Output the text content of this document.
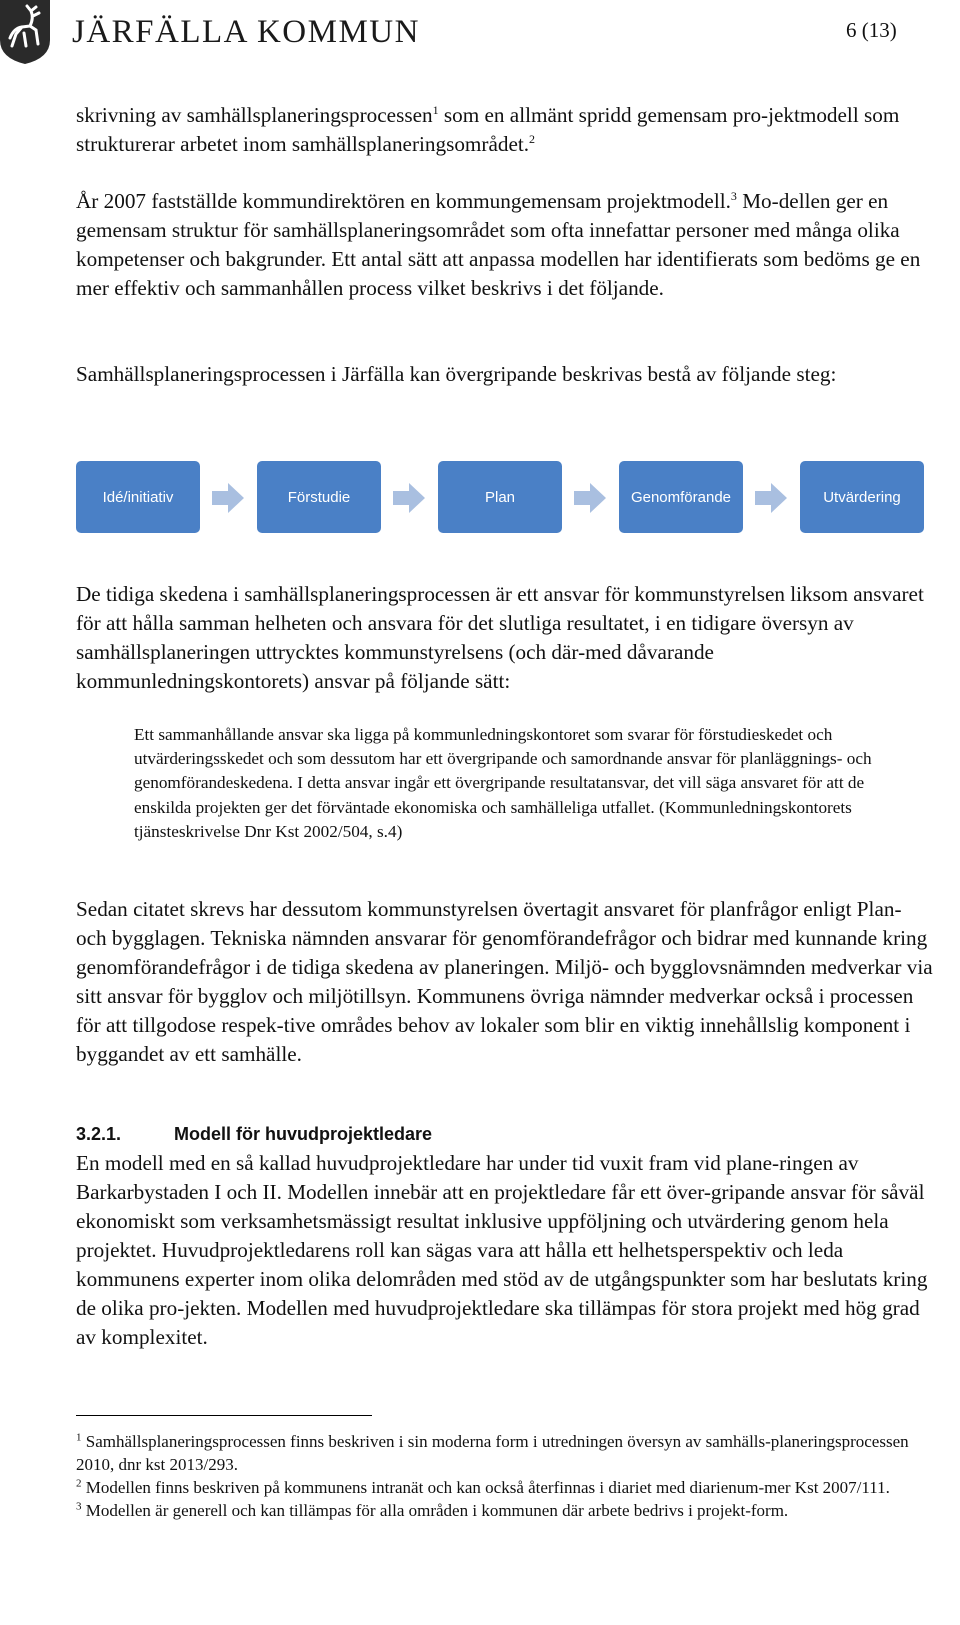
JÄRFÄLLA KOMMUN	6 (13)

skrivning av samhällsplaneringsprocessen$^1$ som en allmänt spridd gemensam pro-jektmodell som strukturerar arbetet inom samhällsplaneringsområdet.$^2$

År 2007 fastställde kommundirektören en kommungemensam projektmodell.$^3$ Mo-dellen ger en gemensam struktur för samhällsplaneringsområdet som ofta innefattar personer med många olika kompetenser och bakgrunder. Ett antal sätt att anpassa modellen har identifierats som bedöms ge en mer effektiv och sammanhållen process vilket beskrivs i det följande.

Samhällsplaneringsprocessen i Järfälla kan övergripande beskrivas bestå av följande steg:

Idé/initiativ	Förstudie	Plan	Genomförande	Utvärdering

De tidiga skedena i samhällsplaneringsprocessen är ett ansvar för kommunstyrelsen liksom ansvaret för att hålla samman helheten och ansvara för det slutliga resultatet, i en tidigare översyn av samhällsplaneringen uttrycktes kommunstyrelsens (och där-med dåvarande kommunledningskontorets) ansvar på följande sätt:

Ett sammanhållande ansvar ska ligga på kommunledningskontoret som svarar för förstudieskedet och utvärderingsskedet och som dessutom har ett övergripande och samordnande ansvar för planläggnings- och genomförandeskedena. I detta ansvar ingår ett övergripande resultatansvar, det vill säga ansvaret för att de enskilda projekten ger det förväntade ekonomiska och samhälleliga utfallet. (Kommunledningskontorets tjänsteskrivelse Dnr Kst 2002/504, s.4)

Sedan citatet skrevs har dessutom kommunstyrelsen övertagit ansvaret för planfrågor enligt Plan- och bygglagen. Tekniska nämnden ansvarar för genomförandefrågor och bidrar med kunnande kring genomförandefrågor i de tidiga skedena av planeringen. Miljö- och bygglovsnämnden medverkar via sitt ansvar för bygglov och miljötillsyn. Kommunens övriga nämnder medverkar också i processen för att tillgodose respek-tive områdes behov av lokaler som blir en viktig innehållslig komponent i byggandet av ett samhälle.

3.2.1.	Modell för huvudprojektledare

En modell med en så kallad huvudprojektledare har under tid vuxit fram vid plane-ringen av Barkarbystaden I och II. Modellen innebär att en projektledare får ett över-gripande ansvar för såväl ekonomiskt som verksamhetsmässigt resultat inklusive uppföljning och utvärdering genom hela projektet. Huvudprojektledarens roll kan sägas vara att hålla ett helhetsperspektiv och leda kommunens experter inom olika delområden med stöd av de utgångspunkter som har beslutats kring de olika pro-jekten. Modellen med huvudprojektledare ska tillämpas för stora projekt med hög grad av komplexitet.

$^1$ Samhällsplaneringsprocessen finns beskriven i sin moderna form i utredningen översyn av samhälls-planeringsprocessen 2010, dnr kst 2013/293.

$^2$ Modellen finns beskriven på kommunens intranät och kan också återfinnas i diariet med diarienum-mer Kst 2007/111.

$^3$ Modellen är generell och kan tillämpas för alla områden i kommunen där arbete bedrivs i projekt-form.
